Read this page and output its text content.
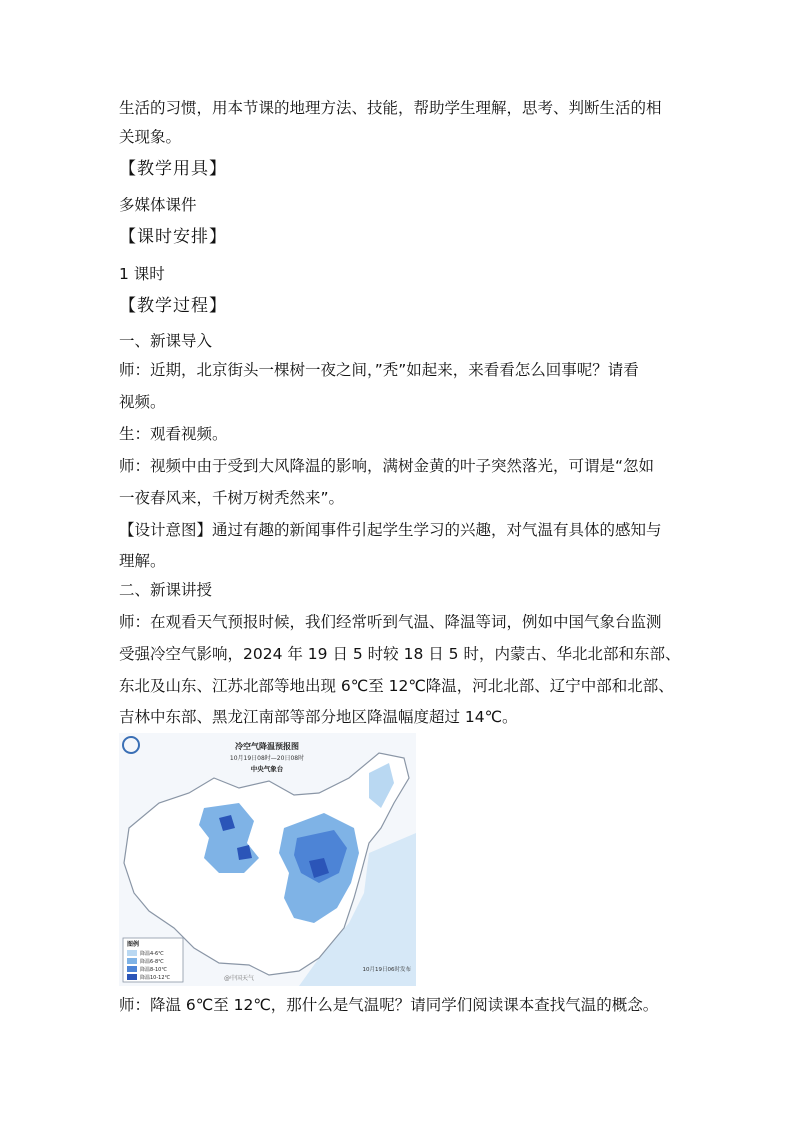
生活的习惯，用本节课的地理方法、技能，帮助学生理解，思考、判断生活的相

关现象。

【教学用具】

多媒体课件

【课时安排】

1 课时

【教学过程】

一、新课导入

师：近期，北京街头一棵树一夜之间，”秃”如起来，来看看怎么回事呢？请看

视频。

生：观看视频。

师：视频中由于受到大风降温的影响，满树金黄的叶子突然落光，可谓是“忽如

一夜春风来，千树万树秃然来”。

【设计意图】通过有趣的新闻事件引起学生学习的兴趣，对气温有具体的感知与

理解。

二、新课讲授

师：在观看天气预报时候，我们经常听到气温、降温等词，例如中国气象台监测

受强冷空气影响，2024 年 19 日 5 时较 18 日 5 时，内蒙古、华北北部和东部、

东北及山东、江苏北部等地出现 6℃至 12℃降温，河北北部、辽宁中部和北部、

吉林中东部、黑龙江南部等部分地区降温幅度超过 14℃。

冷空气降温预报图
10月19日08时—20日08时
中央气象台
图例
降温4-6℃
降温6-8℃
降温8-10℃
降温10-12℃	@中国天气
10月19日06时发布

师：降温 6℃至 12℃，那什么是气温呢？请同学们阅读课本查找气温的概念。
